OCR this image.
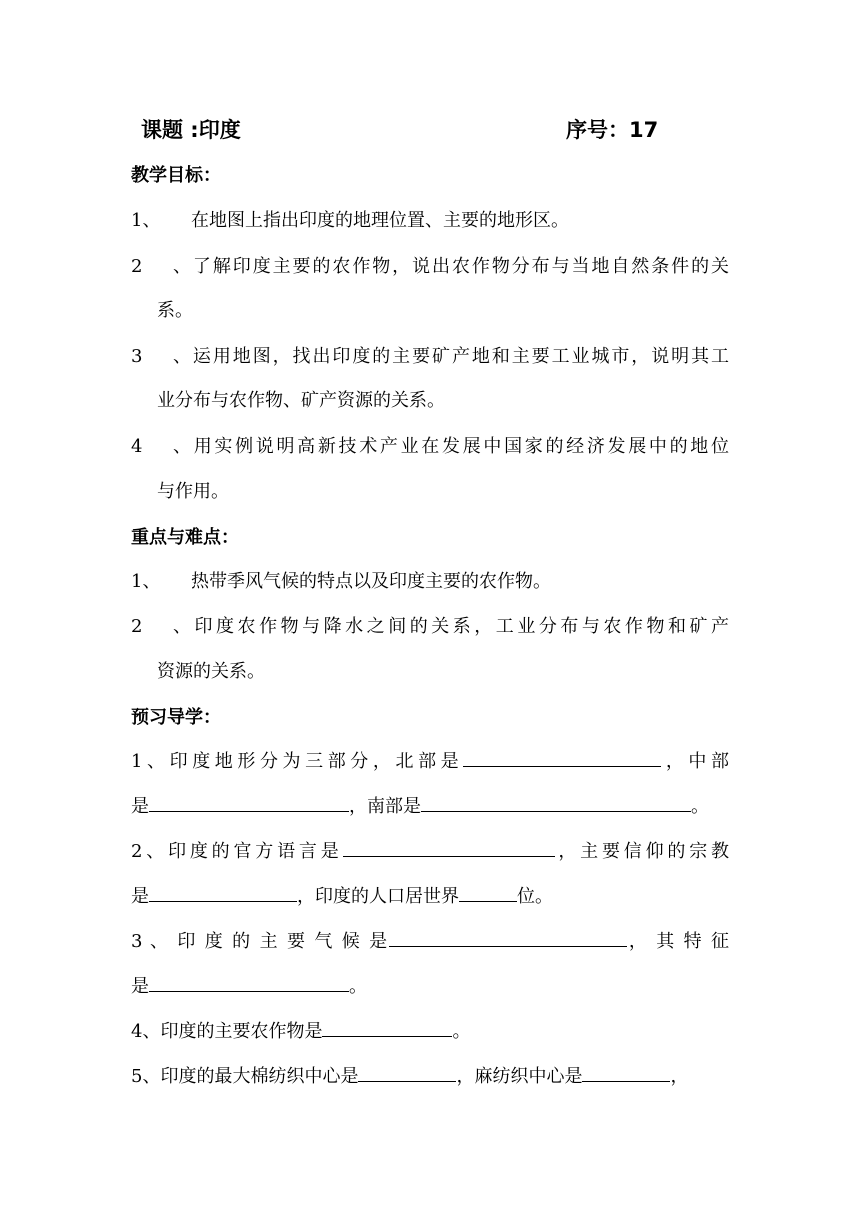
课题 :印度	序号：17
教学目标：
1、 在地图上指出印度的地理位置、主要的地形区。
2、了解印度主要的农作物，说出农作物分布与当地自然条件的关
系。
3、运用地图，找出印度的主要矿产地和主要工业城市，说明其工
业分布与农作物、矿产资源的关系。
4、用实例说明高新技术产业在发展中国家的经济发展中的地位
与作用。
重点与难点：
1、 热带季风气候的特点以及印度主要的农作物。
2、印度农作物与降水之间的关系，工业分布与农作物和矿产
资源的关系。
预习导学：
1、印度地形分为三部分，北部是	，中部
是	，南部是	。
2、印度的官方语言是	，主要信仰的宗教
是	，印度的人口居世界	位。
3 、 印 度 的 主 要 气 候 是	， 其 特 征
是	。
4、印度的主要农作物是	。
5、印度的最大棉纺织中心是	，麻纺织中心是	，
